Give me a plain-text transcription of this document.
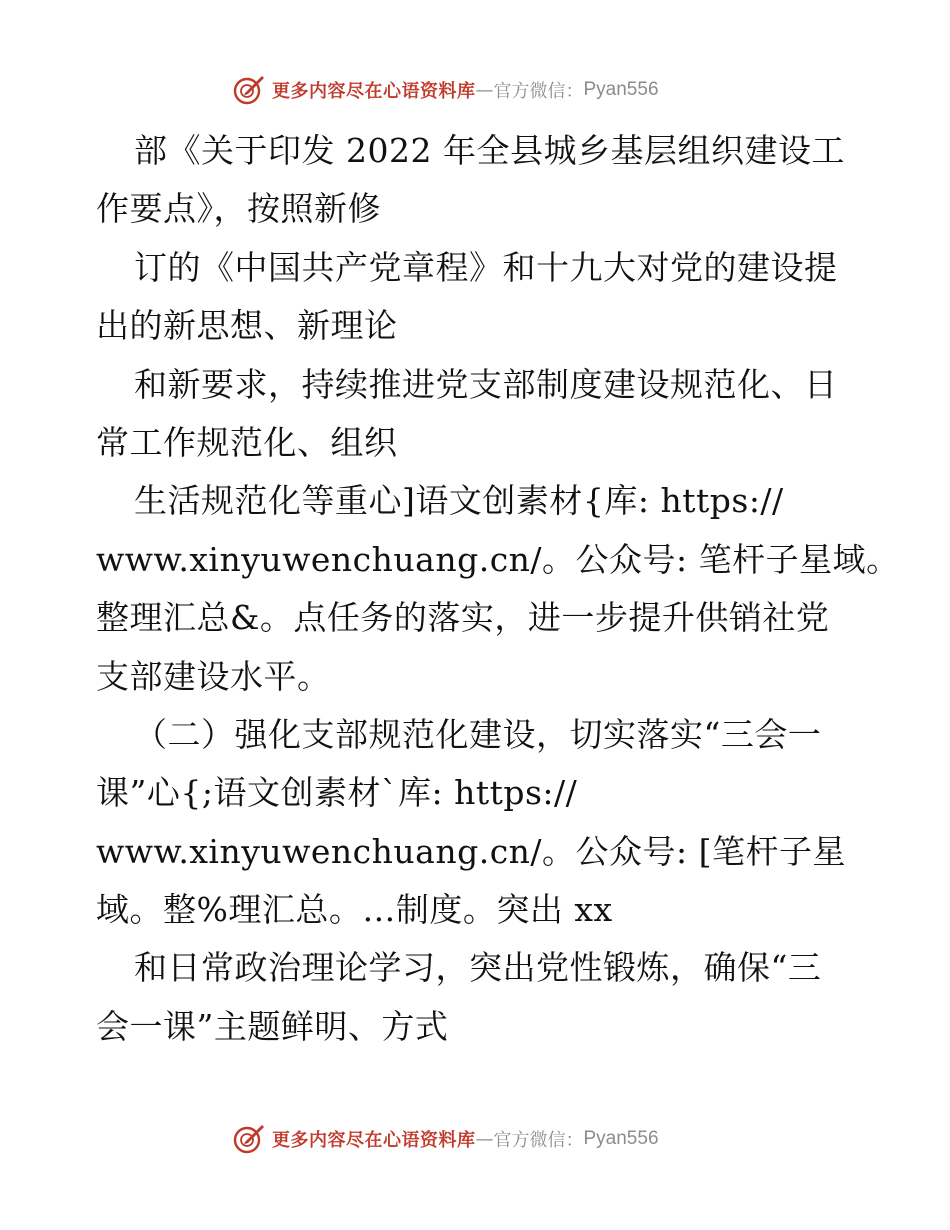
更多内容尽在心语资料库 — 官方微信： Pyan556
部《关于印发 2022 年全县城乡基层组织建设工
作要点》，按照新修
订的《中国共产党章程》和十九大对党的建设提
出的新思想、新理论
和新要求，持续推进党支部制度建设规范化、日
常工作规范化、组织
生活规范化等重心]语文创素材{库: https://
www.xinyuwenchuang.cn/。公众号: 笔杆子星域。
整理汇总&。点任务的落实，进一步提升供销社党
支部建设水平。
（二）强化支部规范化建设，切实落实“三会一
课”心{;语文创素材`库: https://
www.xinyuwenchuang.cn/。公众号: [笔杆子星
域。整%理汇总。…制度。突出 xx
和日常政治理论学习，突出党性锻炼，确保“三
会一课”主题鲜明、方式
更多内容尽在心语资料库 — 官方微信： Pyan556
